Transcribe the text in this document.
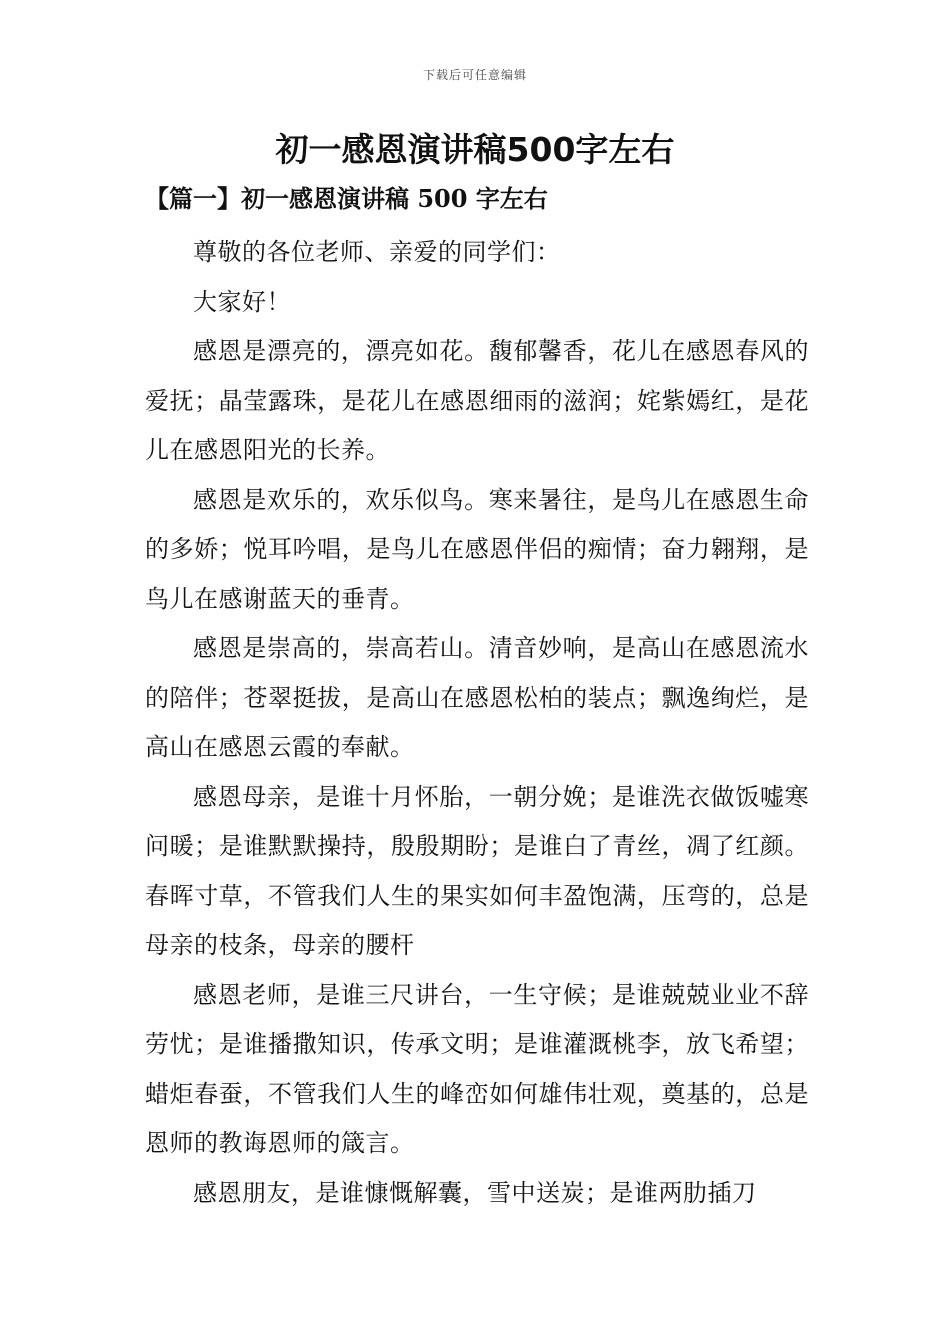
下载后可任意编辑
初一感恩演讲稿500字左右
【篇一】初一感恩演讲稿 500 字左右

尊敬的各位老师、亲爱的同学们：

大家好！

感恩是漂亮的，漂亮如花。馥郁馨香，花儿在感恩春风的爱抚；晶莹露珠，是花儿在感恩细雨的滋润；姹紫嫣红，是花儿在感恩阳光的长养。

感恩是欢乐的，欢乐似鸟。寒来暑往，是鸟儿在感恩生命的多娇；悦耳吟唱，是鸟儿在感恩伴侣的痴情；奋力翱翔，是鸟儿在感谢蓝天的垂青。

感恩是崇高的，崇高若山。清音妙响，是高山在感恩流水的陪伴；苍翠挺拔，是高山在感恩松柏的装点；飘逸绚烂，是高山在感恩云霞的奉献。

感恩母亲，是谁十月怀胎，一朝分娩；是谁洗衣做饭嘘寒问暖；是谁默默操持，殷殷期盼；是谁白了青丝，凋了红颜。春晖寸草，不管我们人生的果实如何丰盈饱满，压弯的，总是母亲的枝条，母亲的腰杆

感恩老师，是谁三尺讲台，一生守候；是谁兢兢业业不辞劳忧；是谁播撒知识，传承文明；是谁灌溉桃李，放飞希望；蜡炬春蚕，不管我们人生的峰峦如何雄伟壮观，奠基的，总是恩师的教诲恩师的箴言。

感恩朋友，是谁慷慨解囊，雪中送炭；是谁两肋插刀
